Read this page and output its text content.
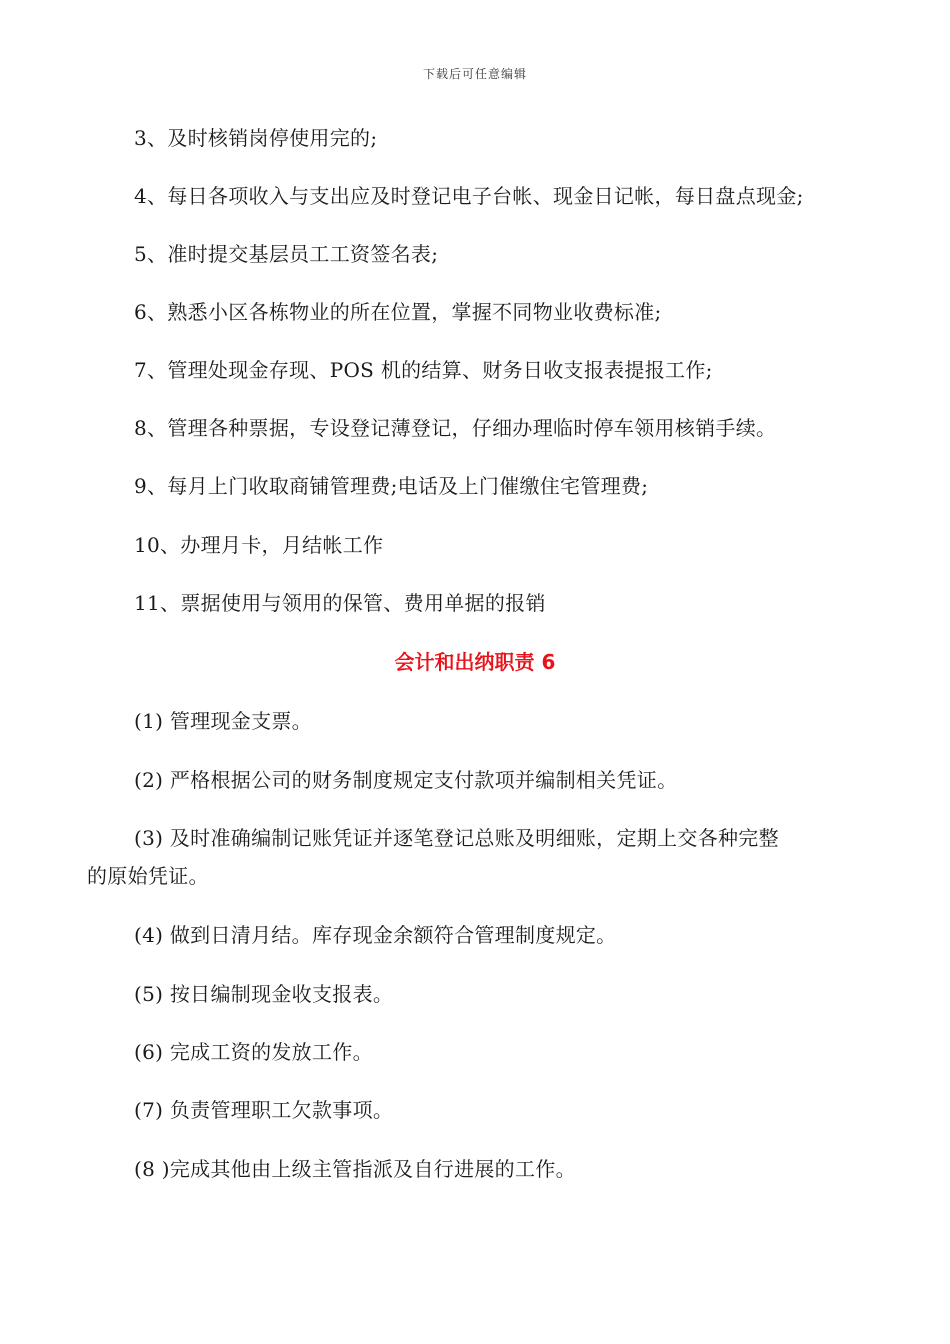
下载后可任意编辑
3、及时核销岗停使用完的;
4、每日各项收入与支出应及时登记电子台帐、现金日记帐，每日盘点现金;
5、准时提交基层员工工资签名表;
6、熟悉小区各栋物业的所在位置，掌握不同物业收费标准;
7、管理处现金存现、POS 机的结算、财务日收支报表提报工作;
8、管理各种票据，专设登记薄登记，仔细办理临时停车领用核销手续。
9、每月上门收取商铺管理费;电话及上门催缴住宅管理费;
10、办理月卡，月结帐工作
11、票据使用与领用的保管、费用单据的报销
会计和出纳职责 6
(1) 管理现金支票。
(2) 严格根据公司的财务制度规定支付款项并编制相关凭证。
(3) 及时准确编制记账凭证并逐笔登记总账及明细账，定期上交各种完整
的原始凭证。
(4) 做到日清月结。库存现金余额符合管理制度规定。
(5) 按日编制现金收支报表。
(6) 完成工资的发放工作。
(7) 负责管理职工欠款事项。
(8 )完成其他由上级主管指派及自行进展的工作。
